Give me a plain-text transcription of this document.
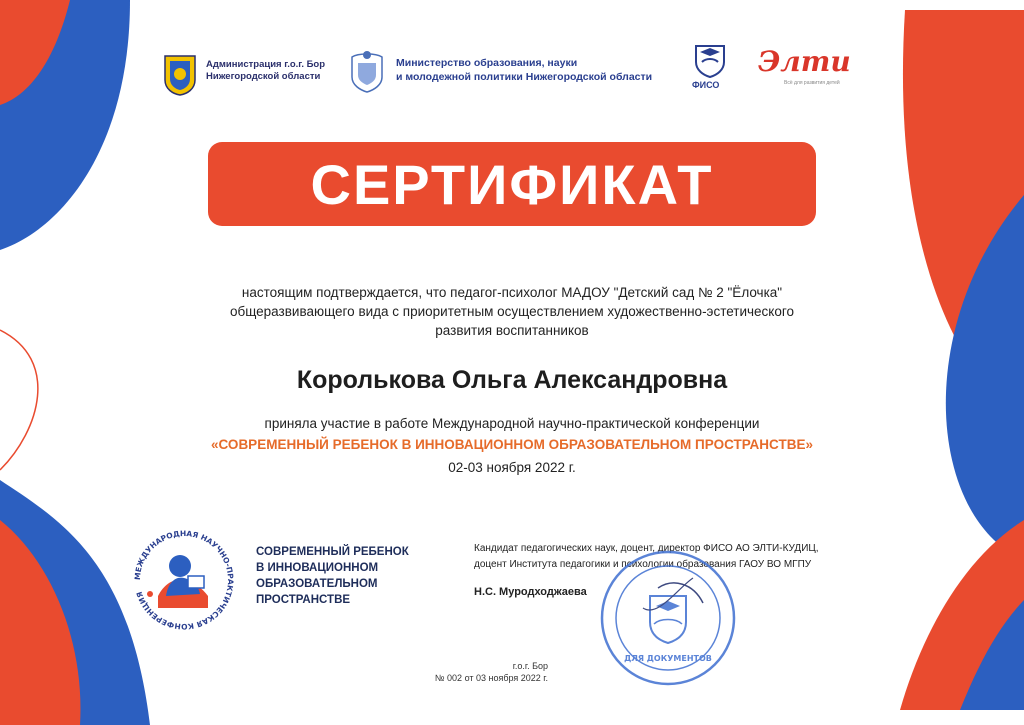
Администрация г.о.г. Бор
Нижегородской области
Министерство образования, науки
и молодежной политики Нижегородской области
ФИСО
Элти
Всё для развития детей
СЕРТИФИКАТ
настоящим подтверждается, что педагог-психолог МАДОУ "Детский сад № 2 "Ёлочка"
общеразвивающего вида с приоритетным осуществлением художественно-эстетического
развития воспитанников
Королькова Ольга Александровна
приняла участие в работе Международной научно-практической конференции
«СОВРЕМЕННЫЙ РЕБЕНОК В ИННОВАЦИОННОМ ОБРАЗОВАТЕЛЬНОМ ПРОСТРАНСТВЕ»
02-03 ноября 2022 г.
МЕЖДУНАРОДНАЯ НАУЧНО-ПРАКТИЧЕСКАЯ КОНФЕРЕНЦИЯ
СОВРЕМЕННЫЙ РЕБЕНОК
В ИННОВАЦИОННОМ
ОБРАЗОВАТЕЛЬНОМ
ПРОСТРАНСТВЕ
Кандидат педагогических наук, доцент, директор ФИСО АО ЭЛТИ-КУДИЦ,
доцент Института педагогики и психологии образования ГАОУ ВО МГПУ
Н.С. Муродходжаева
ДЛЯ ДОКУМЕНТОВ
г.о.г. Бор
№ 002 от 03 ноября 2022 г.
